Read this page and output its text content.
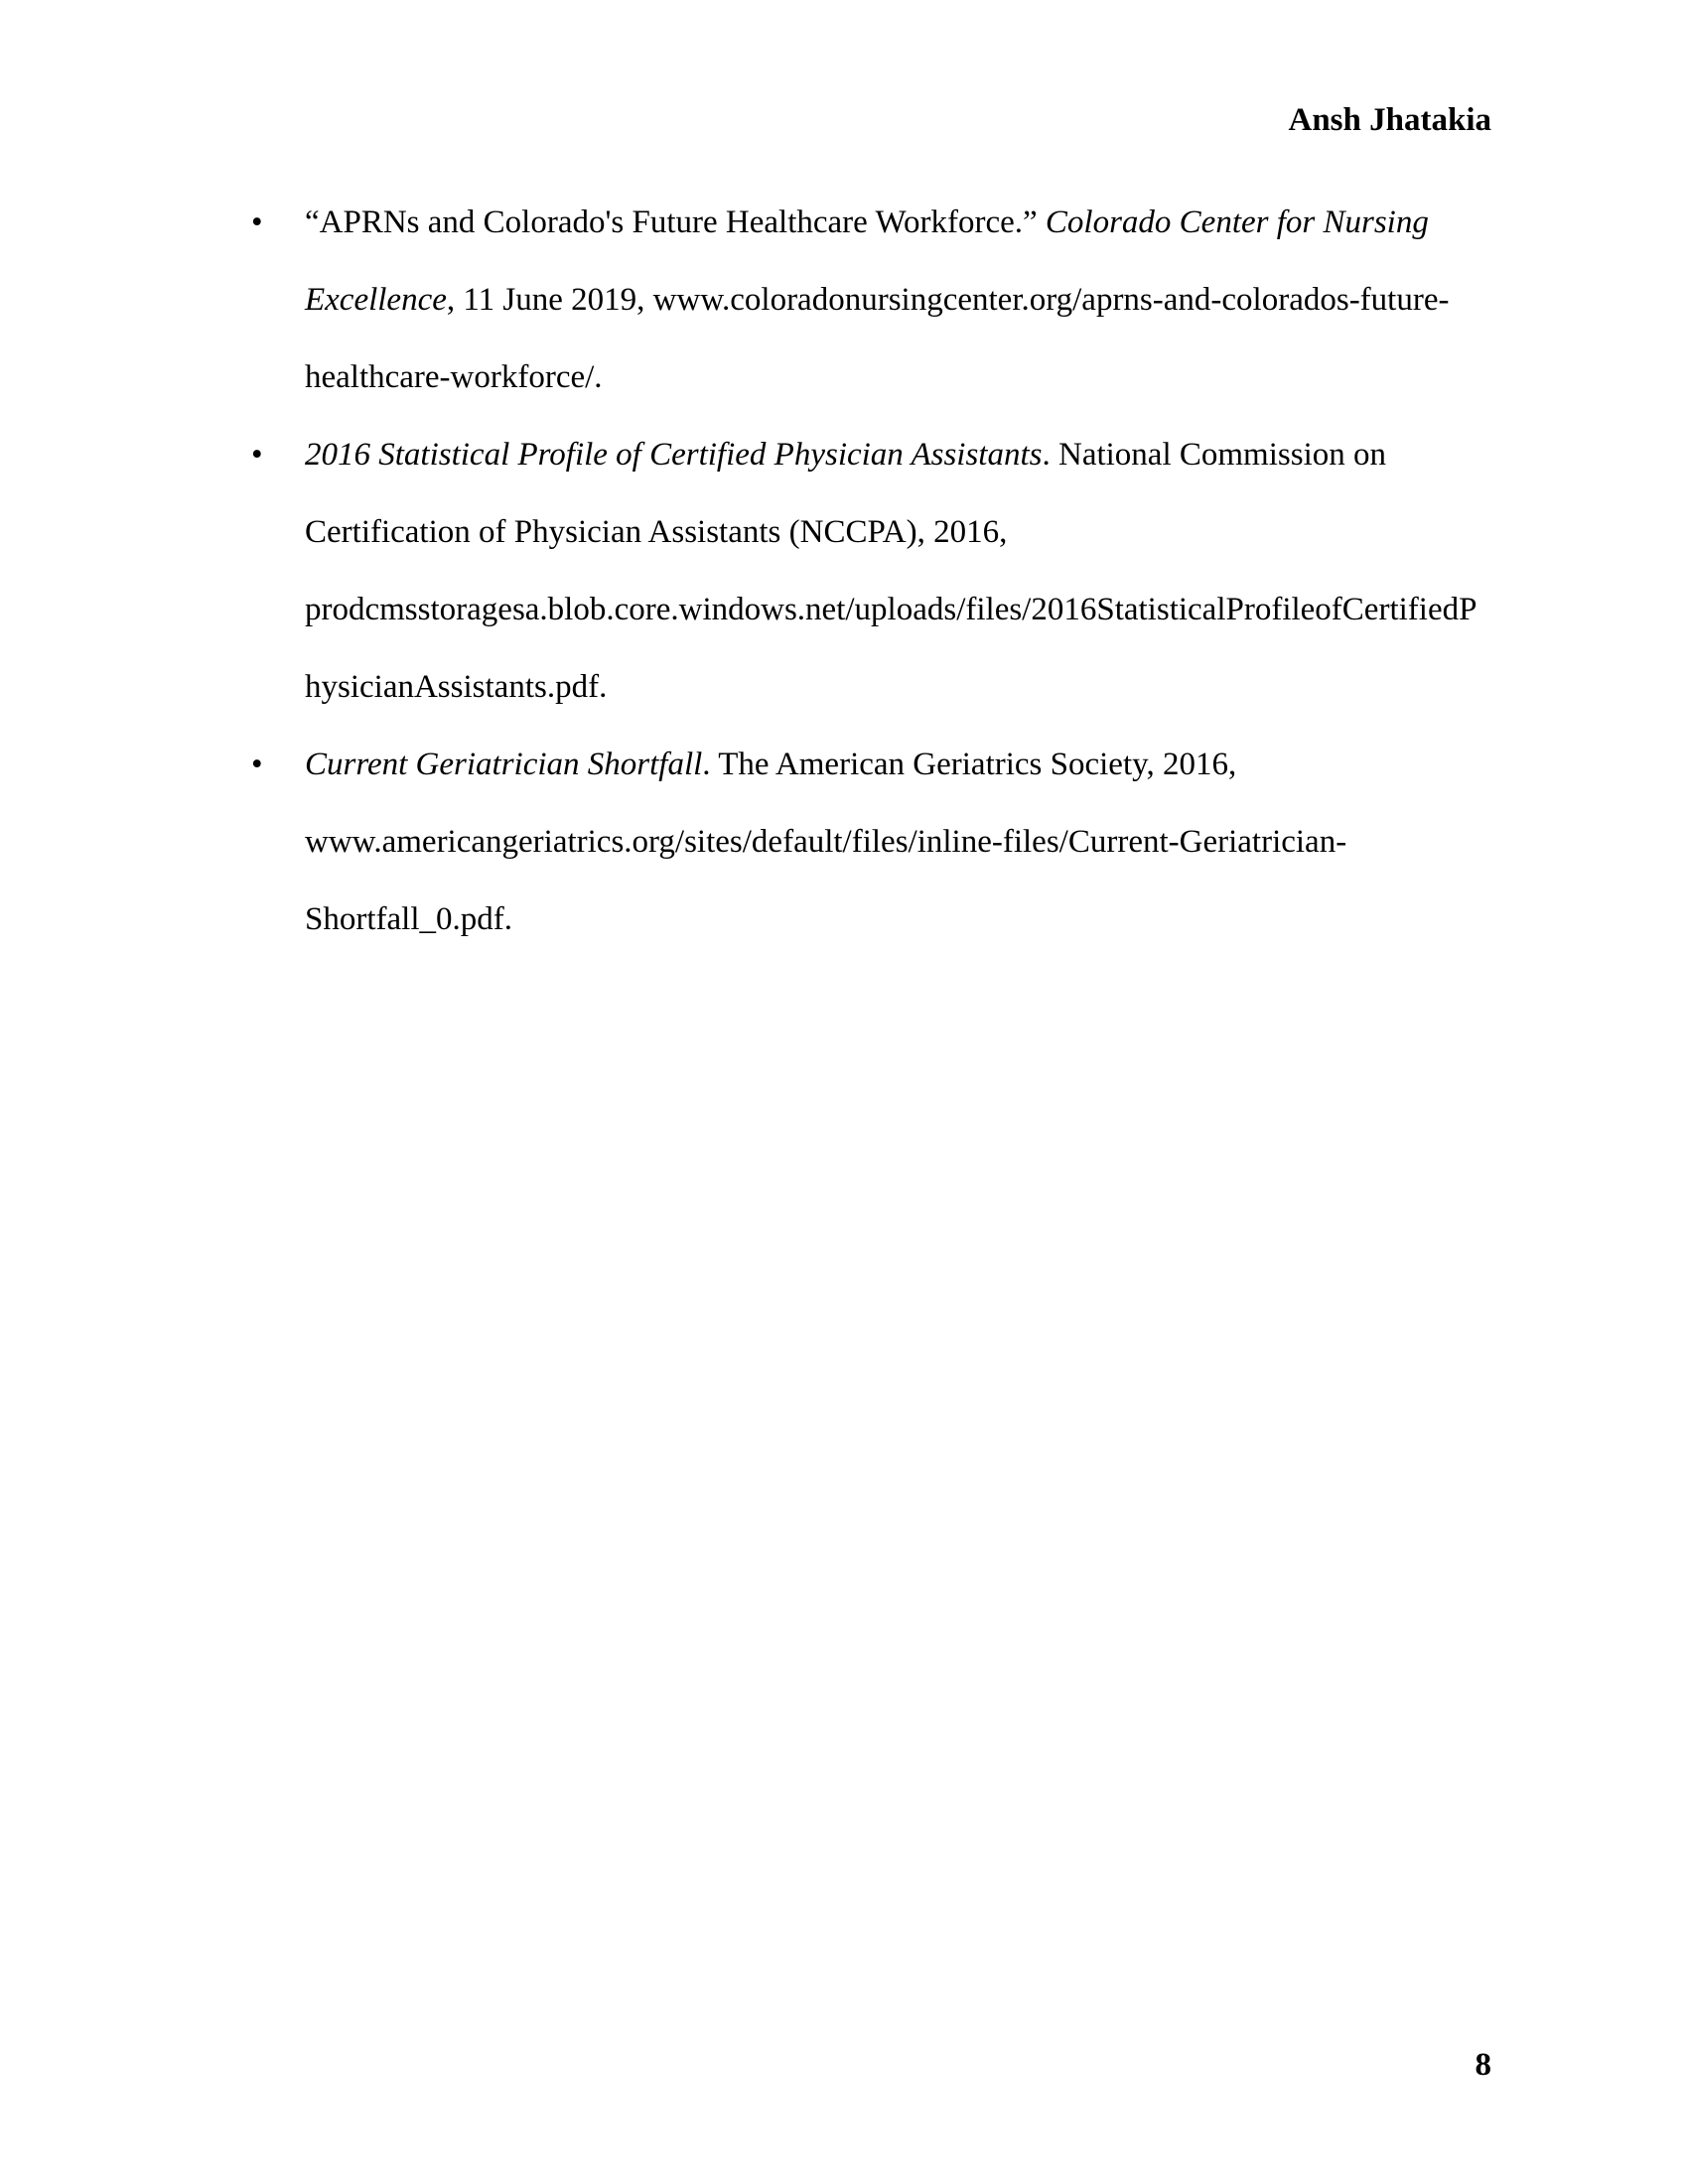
Ansh Jhatakia
• “APRNs and Colorado's Future Healthcare Workforce.” Colorado Center for Nursing
Excellence, 11 June 2019, www.coloradonursingcenter.org/aprns-and-colorados-future-
healthcare-workforce/.
• 2016 Statistical Profile of Certified Physician Assistants. National Commission on
Certification of Physician Assistants (NCCPA), 2016,
prodcmsstoragesa.blob.core.windows.net/uploads/files/2016StatisticalProfileofCertifiedP
hysicianAssistants.pdf.
• Current Geriatrician Shortfall. The American Geriatrics Society, 2016,
www.americangeriatrics.org/sites/default/files/inline-files/Current-Geriatrician-
Shortfall_0.pdf.
8
